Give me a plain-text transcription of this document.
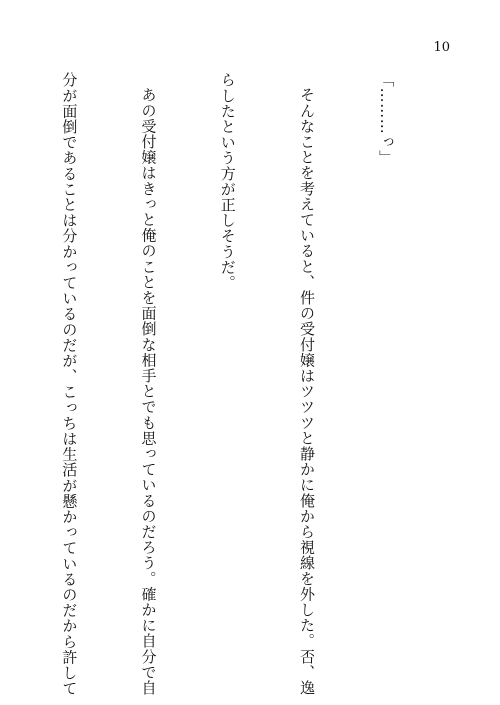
10

「………っ」

そんなことを考えていると、件の受付嬢はツツツと静かに俺から視線を外した。否、逸

らしたという方が正しそうだ。

あの受付嬢はきっと俺のことを面倒な相手とでも思っているのだろう。確かに自分で自

分が面倒であることは分かっているのだが、こっちは生活が懸かっているのだから許して
